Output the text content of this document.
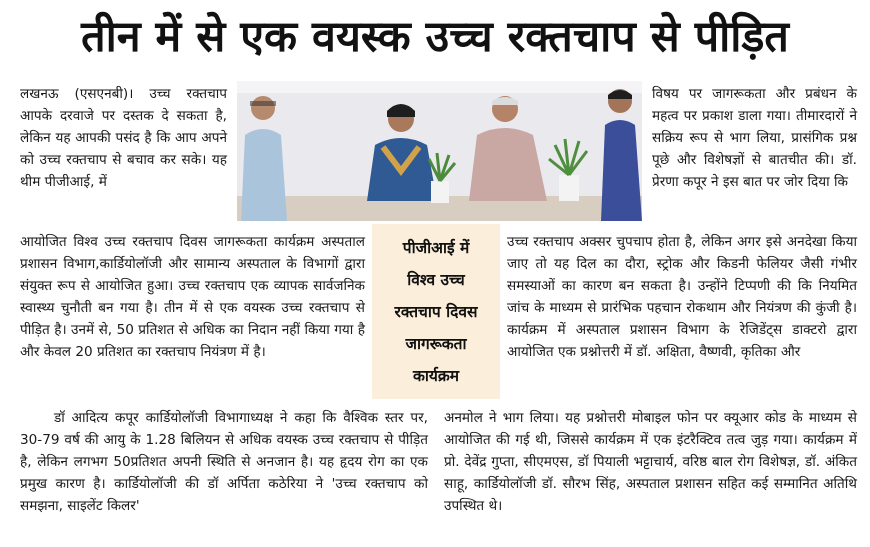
तीन में से एक वयस्क उच्च रक्तचाप से पीड़ित

लखनऊ (एसएनबी)। उच्च रक्तचाप आपके दरवाजे पर दस्तक दे सकता है, लेकिन यह आपकी पसंद है कि आप अपने को उच्च रक्तचाप से बचाव कर सके। यह थीम पीजीआई, में

आयोजित विश्व उच्च रक्तचाप दिवस जागरूकता कार्यक्रम अस्पताल प्रशासन विभाग,कार्डियोलॉजी और सामान्य अस्पताल के विभागों द्वारा संयुक्त रूप से आयोजित हुआ। उच्च रक्तचाप एक व्यापक सार्वजनिक स्वास्थ्य चुनौती बन गया है। तीन में से एक वयस्क उच्च रक्तचाप से पीड़ित है। उनमें से, 50 प्रतिशत से अधिक का निदान नहीं किया गया है और केवल 20 प्रतिशत का रक्तचाप नियंत्रण में है।

डॉ आदित्य कपूर कार्डियोलॉजी विभागाध्यक्ष ने कहा कि वैश्विक स्तर पर, 30-79 वर्ष की आयु के 1.28 बिलियन से अधिक वयस्क उच्च रक्तचाप से पीड़ित है, लेकिन लगभग 50प्रतिशत अपनी स्थिति से अनजान है। यह हृदय रोग का एक प्रमुख कारण है। कार्डियोलॉजी की डॉ अर्पिता कठेरिया ने 'उच्च रक्तचाप को समझना, साइलेंट किलर'

विषय पर जागरूकता और प्रबंधन के महत्व पर प्रकाश डाला गया। तीमारदारों ने सक्रिय रूप से भाग लिया, प्रासंगिक प्रश्न पूछे और विशेषज्ञों से बातचीत की। डॉ. प्रेरणा कपूर ने इस बात पर जोर दिया कि

उच्च रक्तचाप अक्सर चुपचाप होता है, लेकिन अगर इसे अनदेखा किया जाए तो यह दिल का दौरा, स्ट्रोक और किडनी फेलियर जैसी गंभीर समस्याओं का कारण बन सकता है। उन्होंने टिप्पणी की कि नियमित जांच के माध्यम से प्रारंभिक पहचान रोकथाम और नियंत्रण की कुंजी है। कार्यक्रम में अस्पताल प्रशासन विभाग के रेजिडेंट्स डाक्टरो द्वारा आयोजित एक प्रश्नोत्तरी में डॉ. अक्षिता, वैष्णवी, कृतिका और

अनमोल ने भाग लिया। यह प्रश्नोत्तरी मोबाइल फोन पर क्यूआर कोड के माध्यम से आयोजित की गई थी, जिससे कार्यक्रम में एक इंटरैक्टिव तत्व जुड़ गया। कार्यक्रम में प्रो. देवेंद्र गुप्ता, सीएमएस, डॉ पियाली भट्टाचार्य, वरिष्ठ बाल रोग विशेषज्ञ, डॉ. अंकित साहू, कार्डियोलॉजी डॉ. सौरभ सिंह, अस्पताल प्रशासन सहित कई सम्मानित अतिथि उपस्थित थे।

पीजीआई में
विश्व उच्च
रक्तचाप दिवस
जागरूकता
कार्यक्रम
